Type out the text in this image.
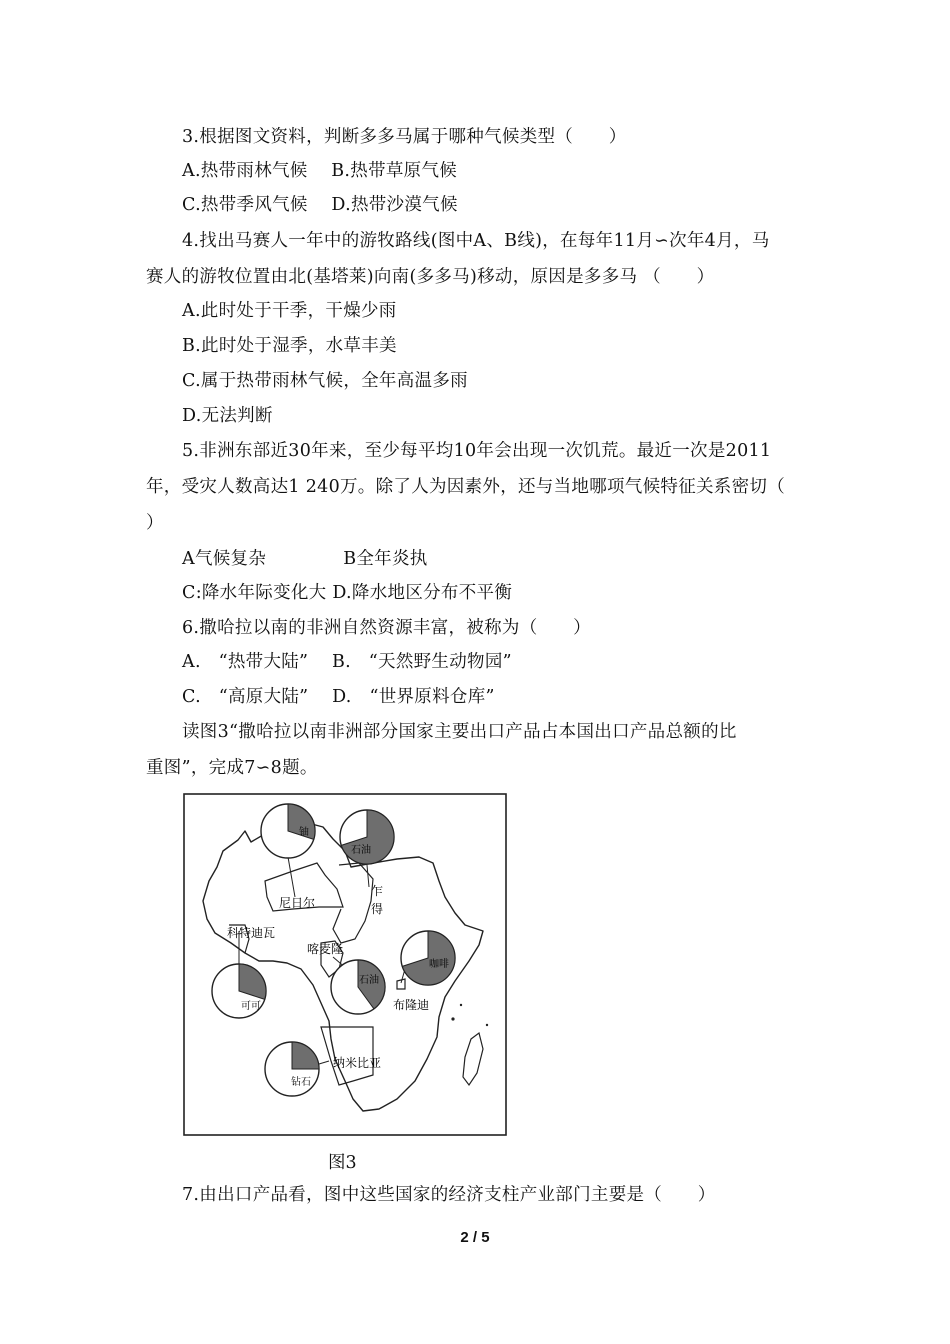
3.根据图文资料，判断多多马属于哪种气候类型（　　）
A.热带雨林气候　 B.热带草原气候
C.热带季风气候　 D.热带沙漠气候
4.找出马赛人一年中的游牧路线(图中A、B线)，在每年11月∽次年4月，马
赛人的游牧位置由北(基塔莱)向南(多多马)移动，原因是多多马 （　　）
A.此时处于干季，干燥少雨
B.此时处于湿季，水草丰美
C.属于热带雨林气候，全年高温多雨
D.无法判断
5.非洲东部近30年来，至少每平均10年会出现一次饥荒。最近一次是2011
年，受灾人数高达1 240万。除了人为因素外，还与当地哪项气候特征关系密切（
）
A气候复杂　　　　 B全年炎执
C:降水年际变化大 D.降水地区分布不平衡
6.撒哈拉以南的非洲自然资源丰富，被称为（　　）
A.　“热带大陆”　 B.　“天然野生动物园”
C.　“高原大陆”　 D.　“世界原料仓库”
读图3“撒哈拉以南非洲部分国家主要出口产品占本国出口产品总额的比
重图”，完成7∽8题。
铀
石油
可可
咖啡
石油
钻石
尼日尔
乍
得
科特迪瓦
喀麦隆
布隆迪
纳米比亚
图3
7.由出口产品看，图中这些国家的经济支柱产业部门主要是（　　）
2 / 5
